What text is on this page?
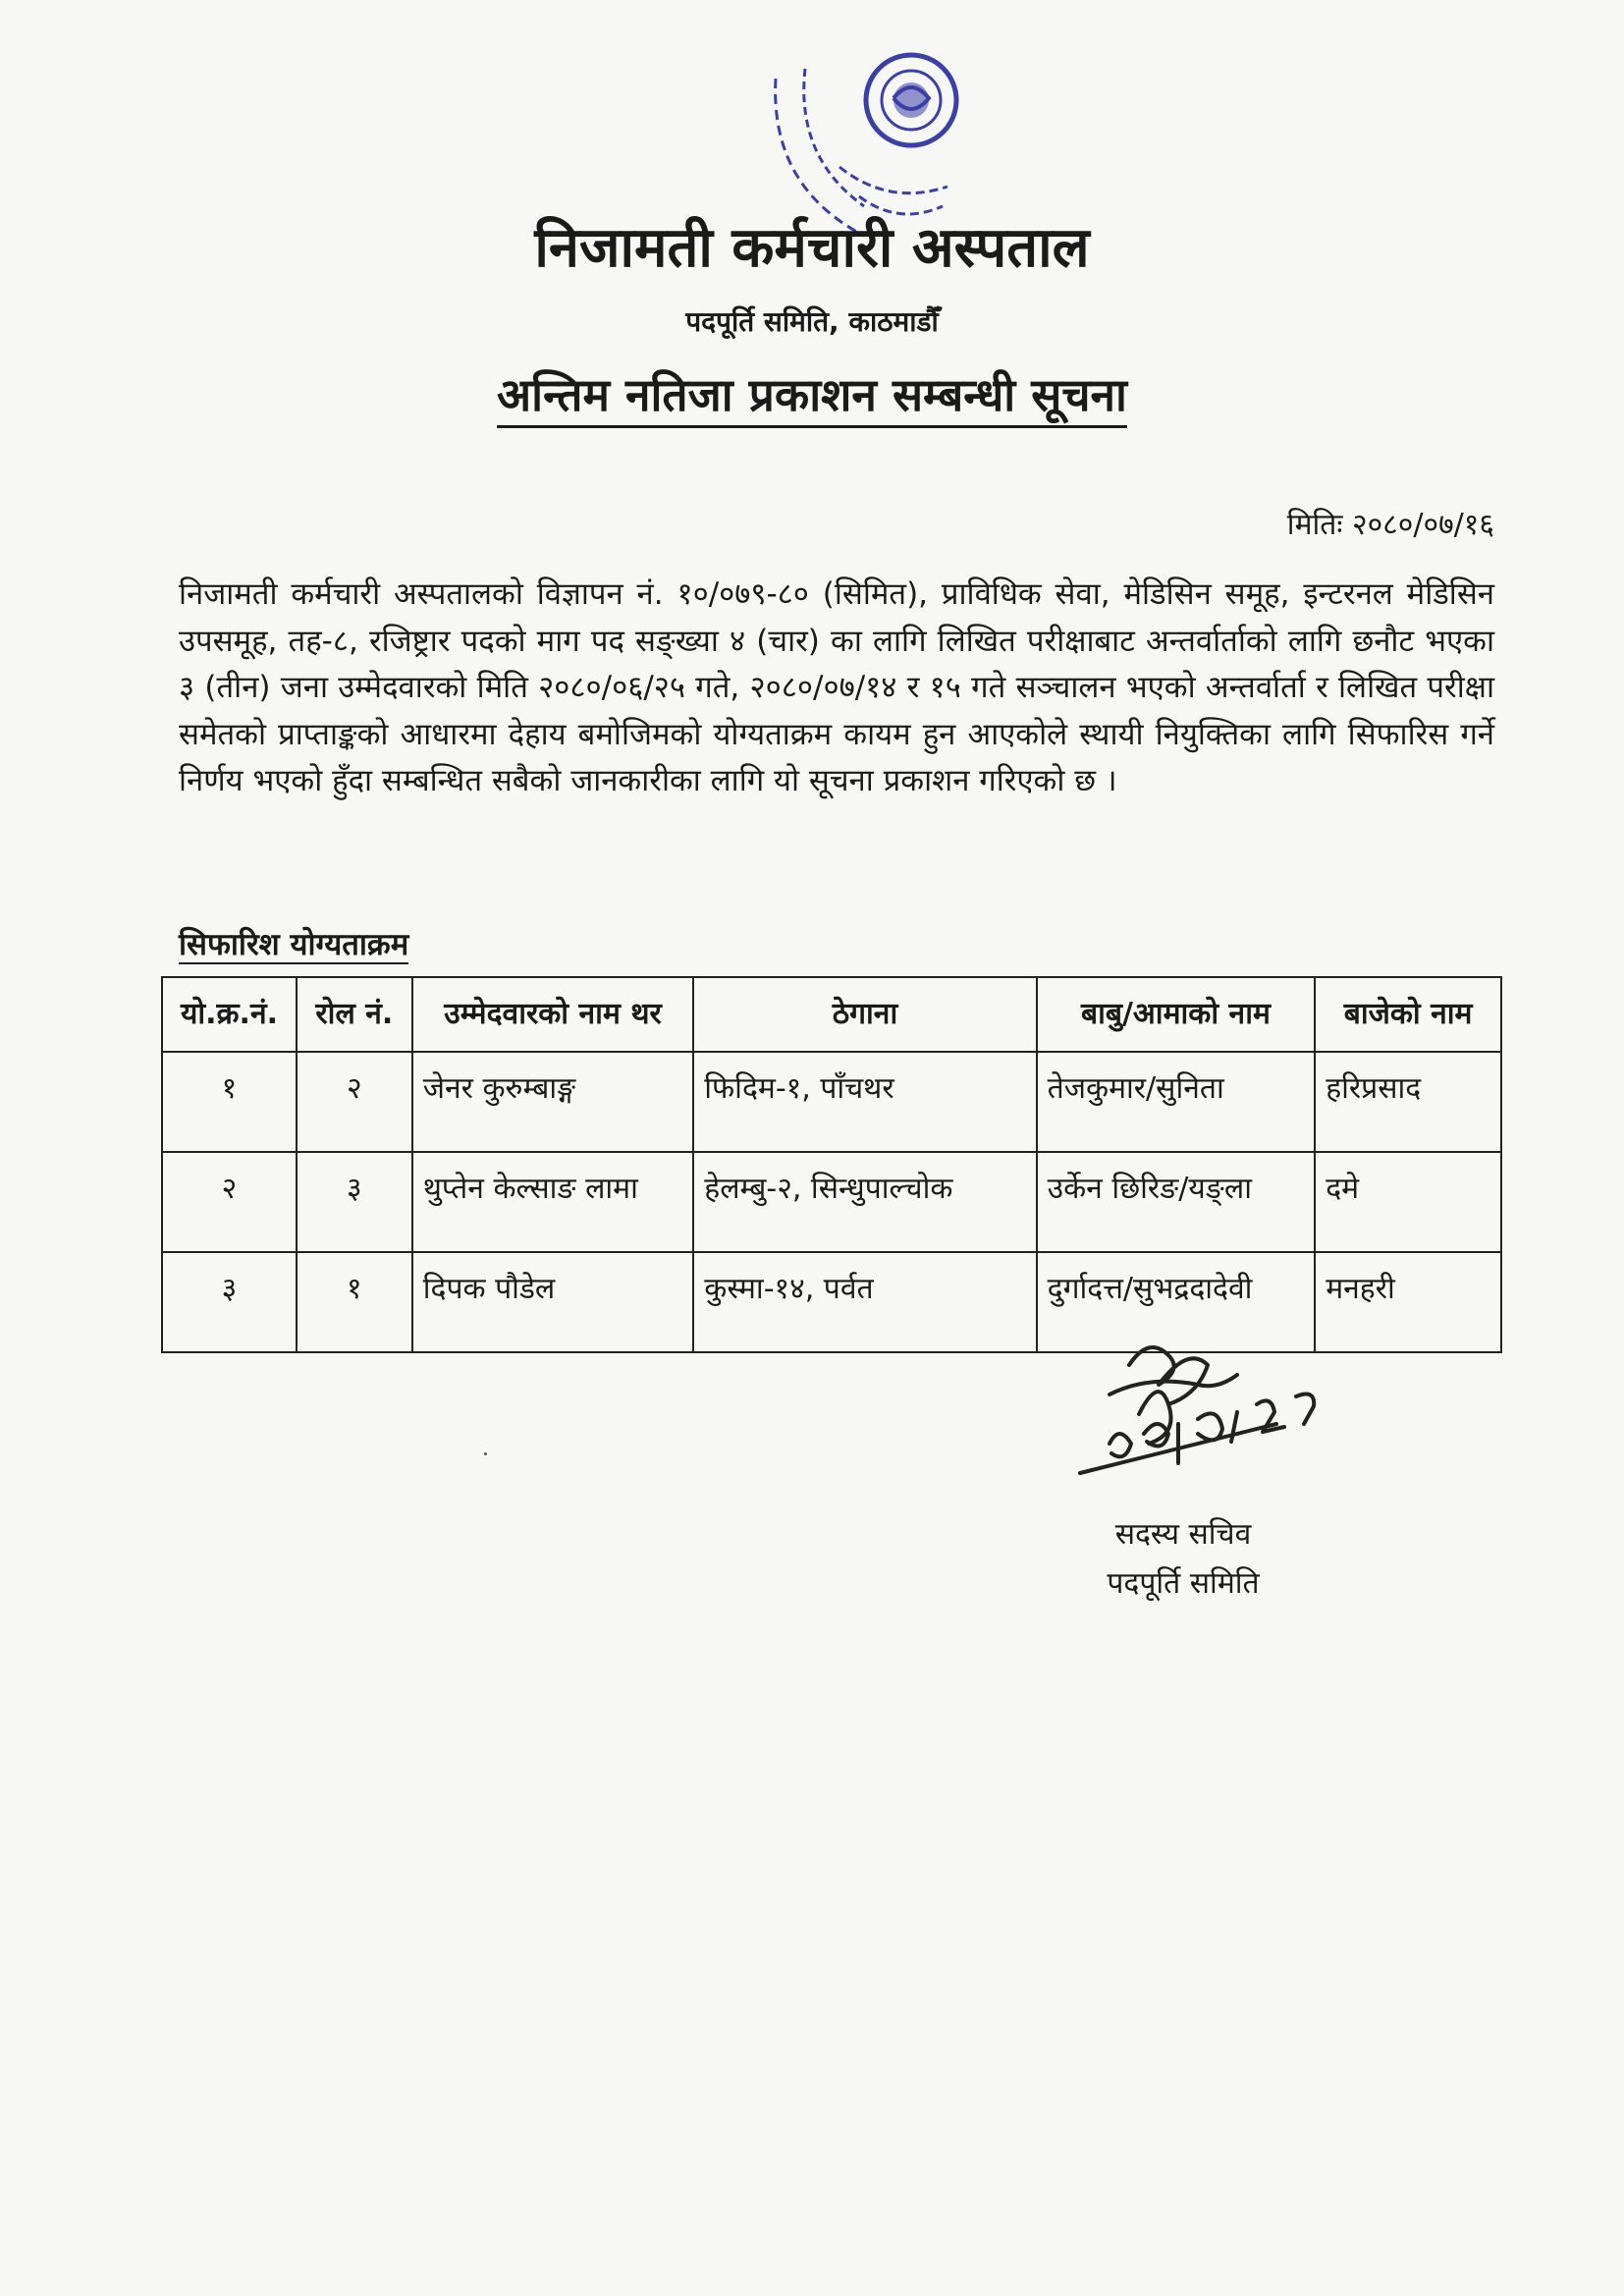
निजामती कर्मचारी अस्पताल
पदपूर्ति समिति, काठमाडौँ
अन्तिम नतिजा प्रकाशन सम्बन्धी सूचना
मितिः २०८०/०७/१६
निजामती कर्मचारी अस्पतालको विज्ञापन नं. १०/०७९-८० (सिमित), प्राविधिक सेवा, मेडिसिन समूह, इन्टरनल मेडिसिन उपसमूह, तह-८, रजिष्ट्रार पदको माग पद सङ्ख्या ४ (चार) का लागि लिखित परीक्षाबाट अन्तर्वार्ताको लागि छनौट भएका ३ (तीन) जना उम्मेदवारको मिति २०८०/०६/२५ गते, २०८०/०७/१४ र १५ गते सञ्चालन भएको अन्तर्वार्ता र लिखित परीक्षा समेतको प्राप्ताङ्कको आधारमा देहाय बमोजिमको योग्यताक्रम कायम हुन आएकोले स्थायी नियुक्तिका लागि सिफारिस गर्ने निर्णय भएको हुँदा सम्बन्धित सबैको जानकारीका लागि यो सूचना प्रकाशन गरिएको छ ।
सिफारिश योग्यताक्रम
यो.क्र.नं.	रोल नं.	उम्मेदवारको नाम थर	ठेगाना	बाबु/आमाको नाम	बाजेको नाम
१	२	जेनर कुरुम्बाङ्ग	फिदिम-१, पाँचथर	तेजकुमार/सुनिता	हरिप्रसाद
२	३	थुप्तेन केल्साङ लामा	हेलम्बु-२, सिन्धुपाल्चोक	उर्केन छिरिङ/यङ्ला	दमे
३	१	दिपक पौडेल	कुस्मा-१४, पर्वत	दुर्गादत्त/सुभद्रदादेवी	मनहरी
सदस्य सचिव
पदपूर्ति समिति
